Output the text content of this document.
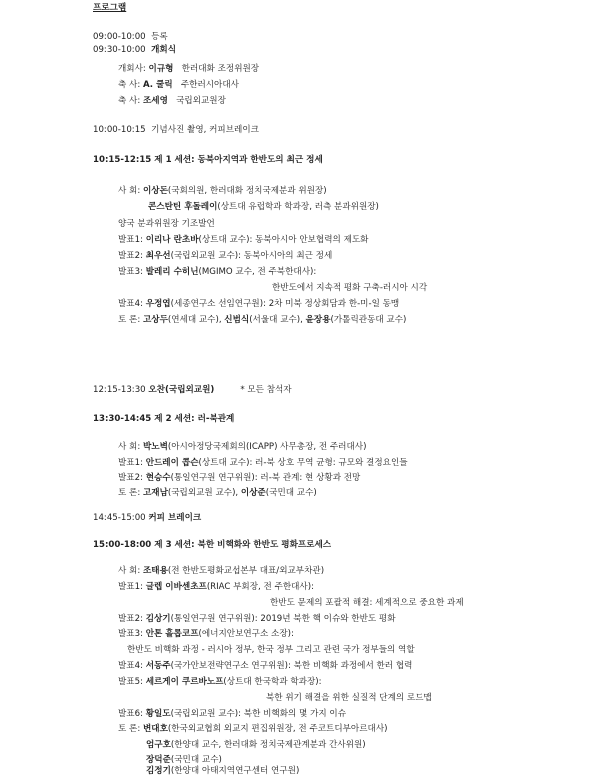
프로그램
09:00-10:00 등록
09:30-10:00 개회식
개회사: 이규형 한러대화 조정위원장
축 사: A. 쿨릭 주한러시아대사
축 사: 조세영 국립외교원장
10:00-10:15 기념사진 촬영, 커피브레이크
10:15-12:15 제 1 세션: 동북아지역과 한반도의 최근 정세
사 회: 이상돈(국회의원, 한러대화 정치국제분과 위원장)
콘스탄틴 후돌레이(상트대 유럽학과 학과장, 러측 분과위원장)
양국 분과위원장 기조발언
발표1: 이리나 란초바(상트대 교수): 동북아시아 안보협력의 제도화
발표2: 최우선(국립외교원 교수): 동북아시아의 최근 정세
발표3: 발레리 수히닌(MGIMO 교수, 전 주북한대사):
한반도에서 지속적 평화 구축-러시아 시각
발표4: 우정엽(세종연구소 선임연구원): 2차 미북 정상회담과 한-미-일 동맹
토 론: 고상두(연세대 교수), 신범식(서울대 교수), 윤장용(가톨릭관동대 교수)
12:15-13:30 오찬(국립외교원)	* 모든 참석자
13:30-14:45 제 2 세션: 러-북관계
사 회: 박노벽(아시아정당국제회의(ICAPP) 사무총장, 전 주러대사)
발표1: 안드레이 콥슨(상트대 교수): 러-북 상호 무역 균형: 규모와 결정요인들
발표2: 현승수(통일연구원 연구위원): 러-북 관계: 현 상황과 전망
토 론: 고재남(국립외교원 교수), 이상준(국민대 교수)
14:45-15:00 커피 브레이크
15:00-18:00 제 3 세션: 북한 비핵화와 한반도 평화프로세스
사 회: 조태용(전 한반도평화교섭본부 대표/외교부차관)
발표1: 글렙 이바센초프(RIAC 부회장, 전 주한대사):
한반도 문제의 포괄적 해결: 세계적으로 중요한 과제
발표2: 김상기(통일연구원 연구위원): 2019년 북한 핵 이슈와 한반도 평화
발표3: 안톤 흘롭코프(에너지안보연구소 소장):
한반도 비핵화 과정 - 러시아 정부, 한국 정부 그리고 관련 국가 정부들의 역할
발표4: 서동주(국가안보전략연구소 연구위원): 북한 비핵화 과정에서 한러 협력
발표5: 세르게이 쿠르바노프(상트대 한국학과 학과장):
북한 위기 해결을 위한 실질적 단계의 로드맵
발표6: 황일도(국립외교원 교수): 북한 비핵화의 몇 가지 이슈
토 론: 변대호(한국외교협회 외교지 편집위원장, 전 주코트디부아르대사)
엄구호(한양대 교수, 한러대화 정치국제관계분과 간사위원)
장덕준(국민대 교수)
김정기(한양대 아태지역연구센터 연구원)
